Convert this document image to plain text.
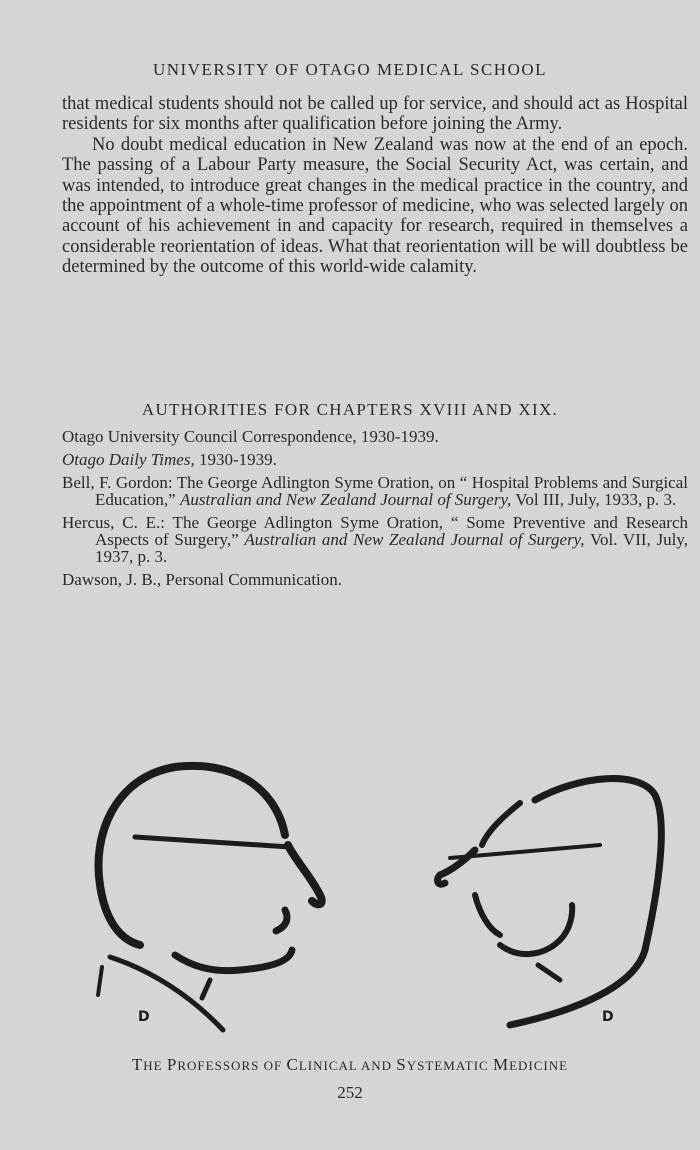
UNIVERSITY OF OTAGO MEDICAL SCHOOL

that medical students should not be called up for service, and should act as Hospital residents for six months after qualification before joining the Army.

No doubt medical education in New Zealand was now at the end of an epoch. The passing of a Labour Party measure, the Social Security Act, was certain, and was intended, to introduce great changes in the medical practice in the country, and the appointment of a whole-time professor of medicine, who was selected largely on account of his achievement in and capacity for research, required in themselves a considerable reorientation of ideas. What that reorientation will be will doubtless be determined by the outcome of this world-wide calamity.

AUTHORITIES FOR CHAPTERS XVIII AND XIX.

Otago University Council Correspondence, 1930-1939.

Otago Daily Times, 1930-1939.

Bell, F. Gordon: The George Adlington Syme Oration, on “ Hospital Problems and Surgical Education,” Australian and New Zealand Journal of Surgery, Vol III, July, 1933, p. 3.

Hercus, C. E.: The George Adlington Syme Oration, “ Some Preventive and Research Aspects of Surgery,” Australian and New Zealand Journal of Surgery, Vol. VII, July, 1937, p. 3.

Dawson, J. B., Personal Communication.

D	D
THE PROFESSORS OF CLINICAL AND SYSTEMATIC MEDICINE
252
